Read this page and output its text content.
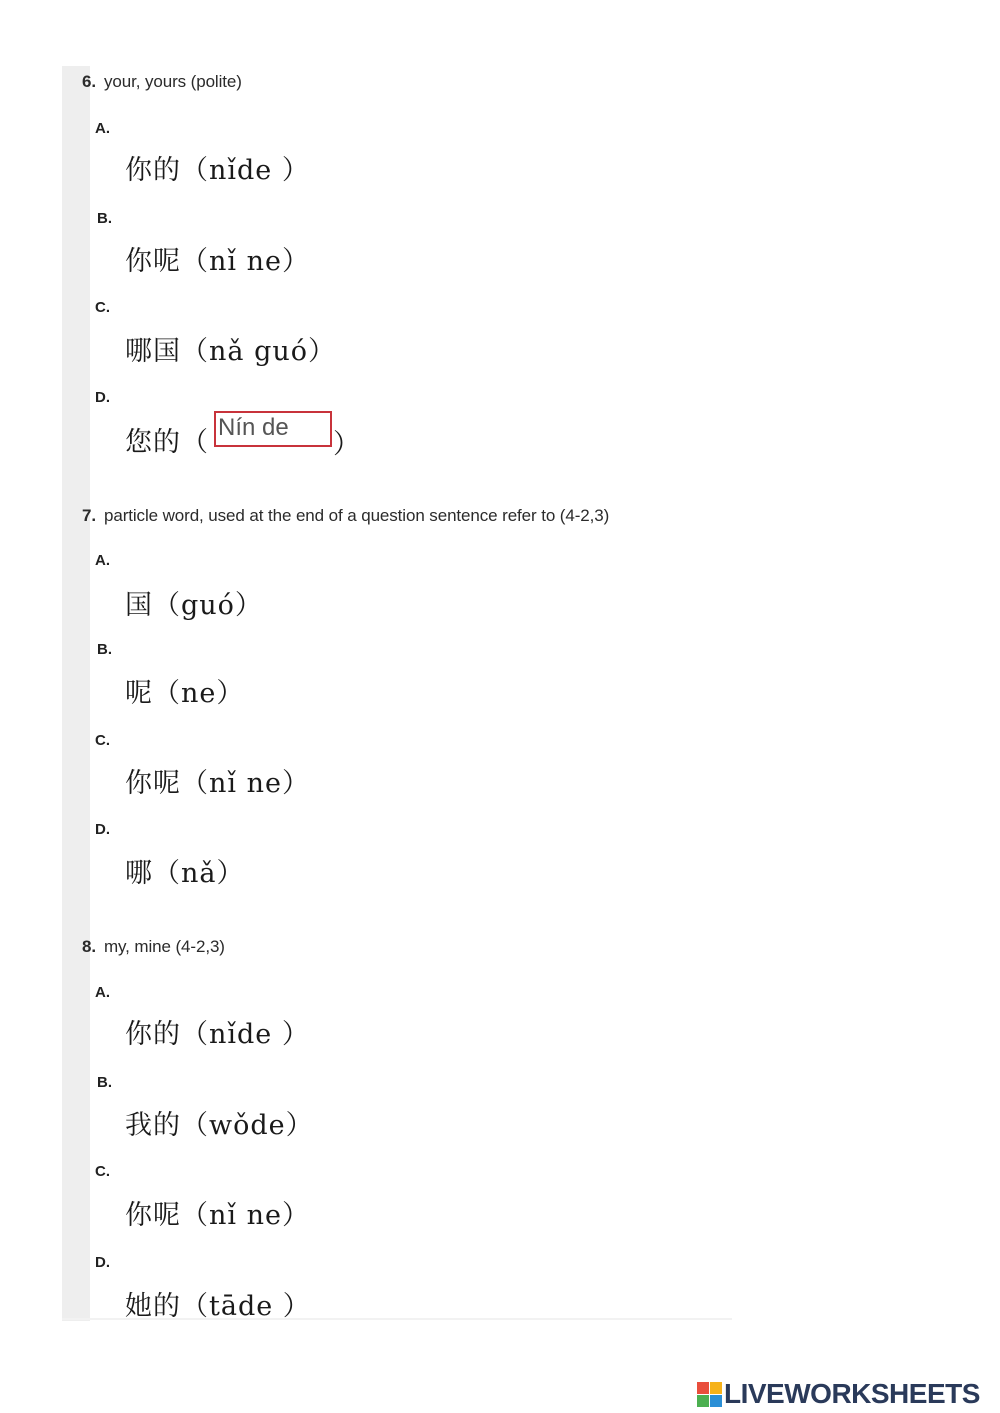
6. your, yours (polite)
A.
你的（nǐde ）
B.
你呢（nǐ ne）
C.
哪国（nǎ guó）
D.
您的（ Nín de
）
7. particle word, used at the end of a question sentence refer to (4-2,3)
A.
国（guó）
B.
呢（ne）
C.
你呢（nǐ ne）
D.
哪（nǎ）
8. my, mine (4-2,3)
A.
你的（nǐde ）
B.
我的（wǒde）
C.
你呢（nǐ ne）
D.
她的（tāde ）
LIVEWORKSHEETS
